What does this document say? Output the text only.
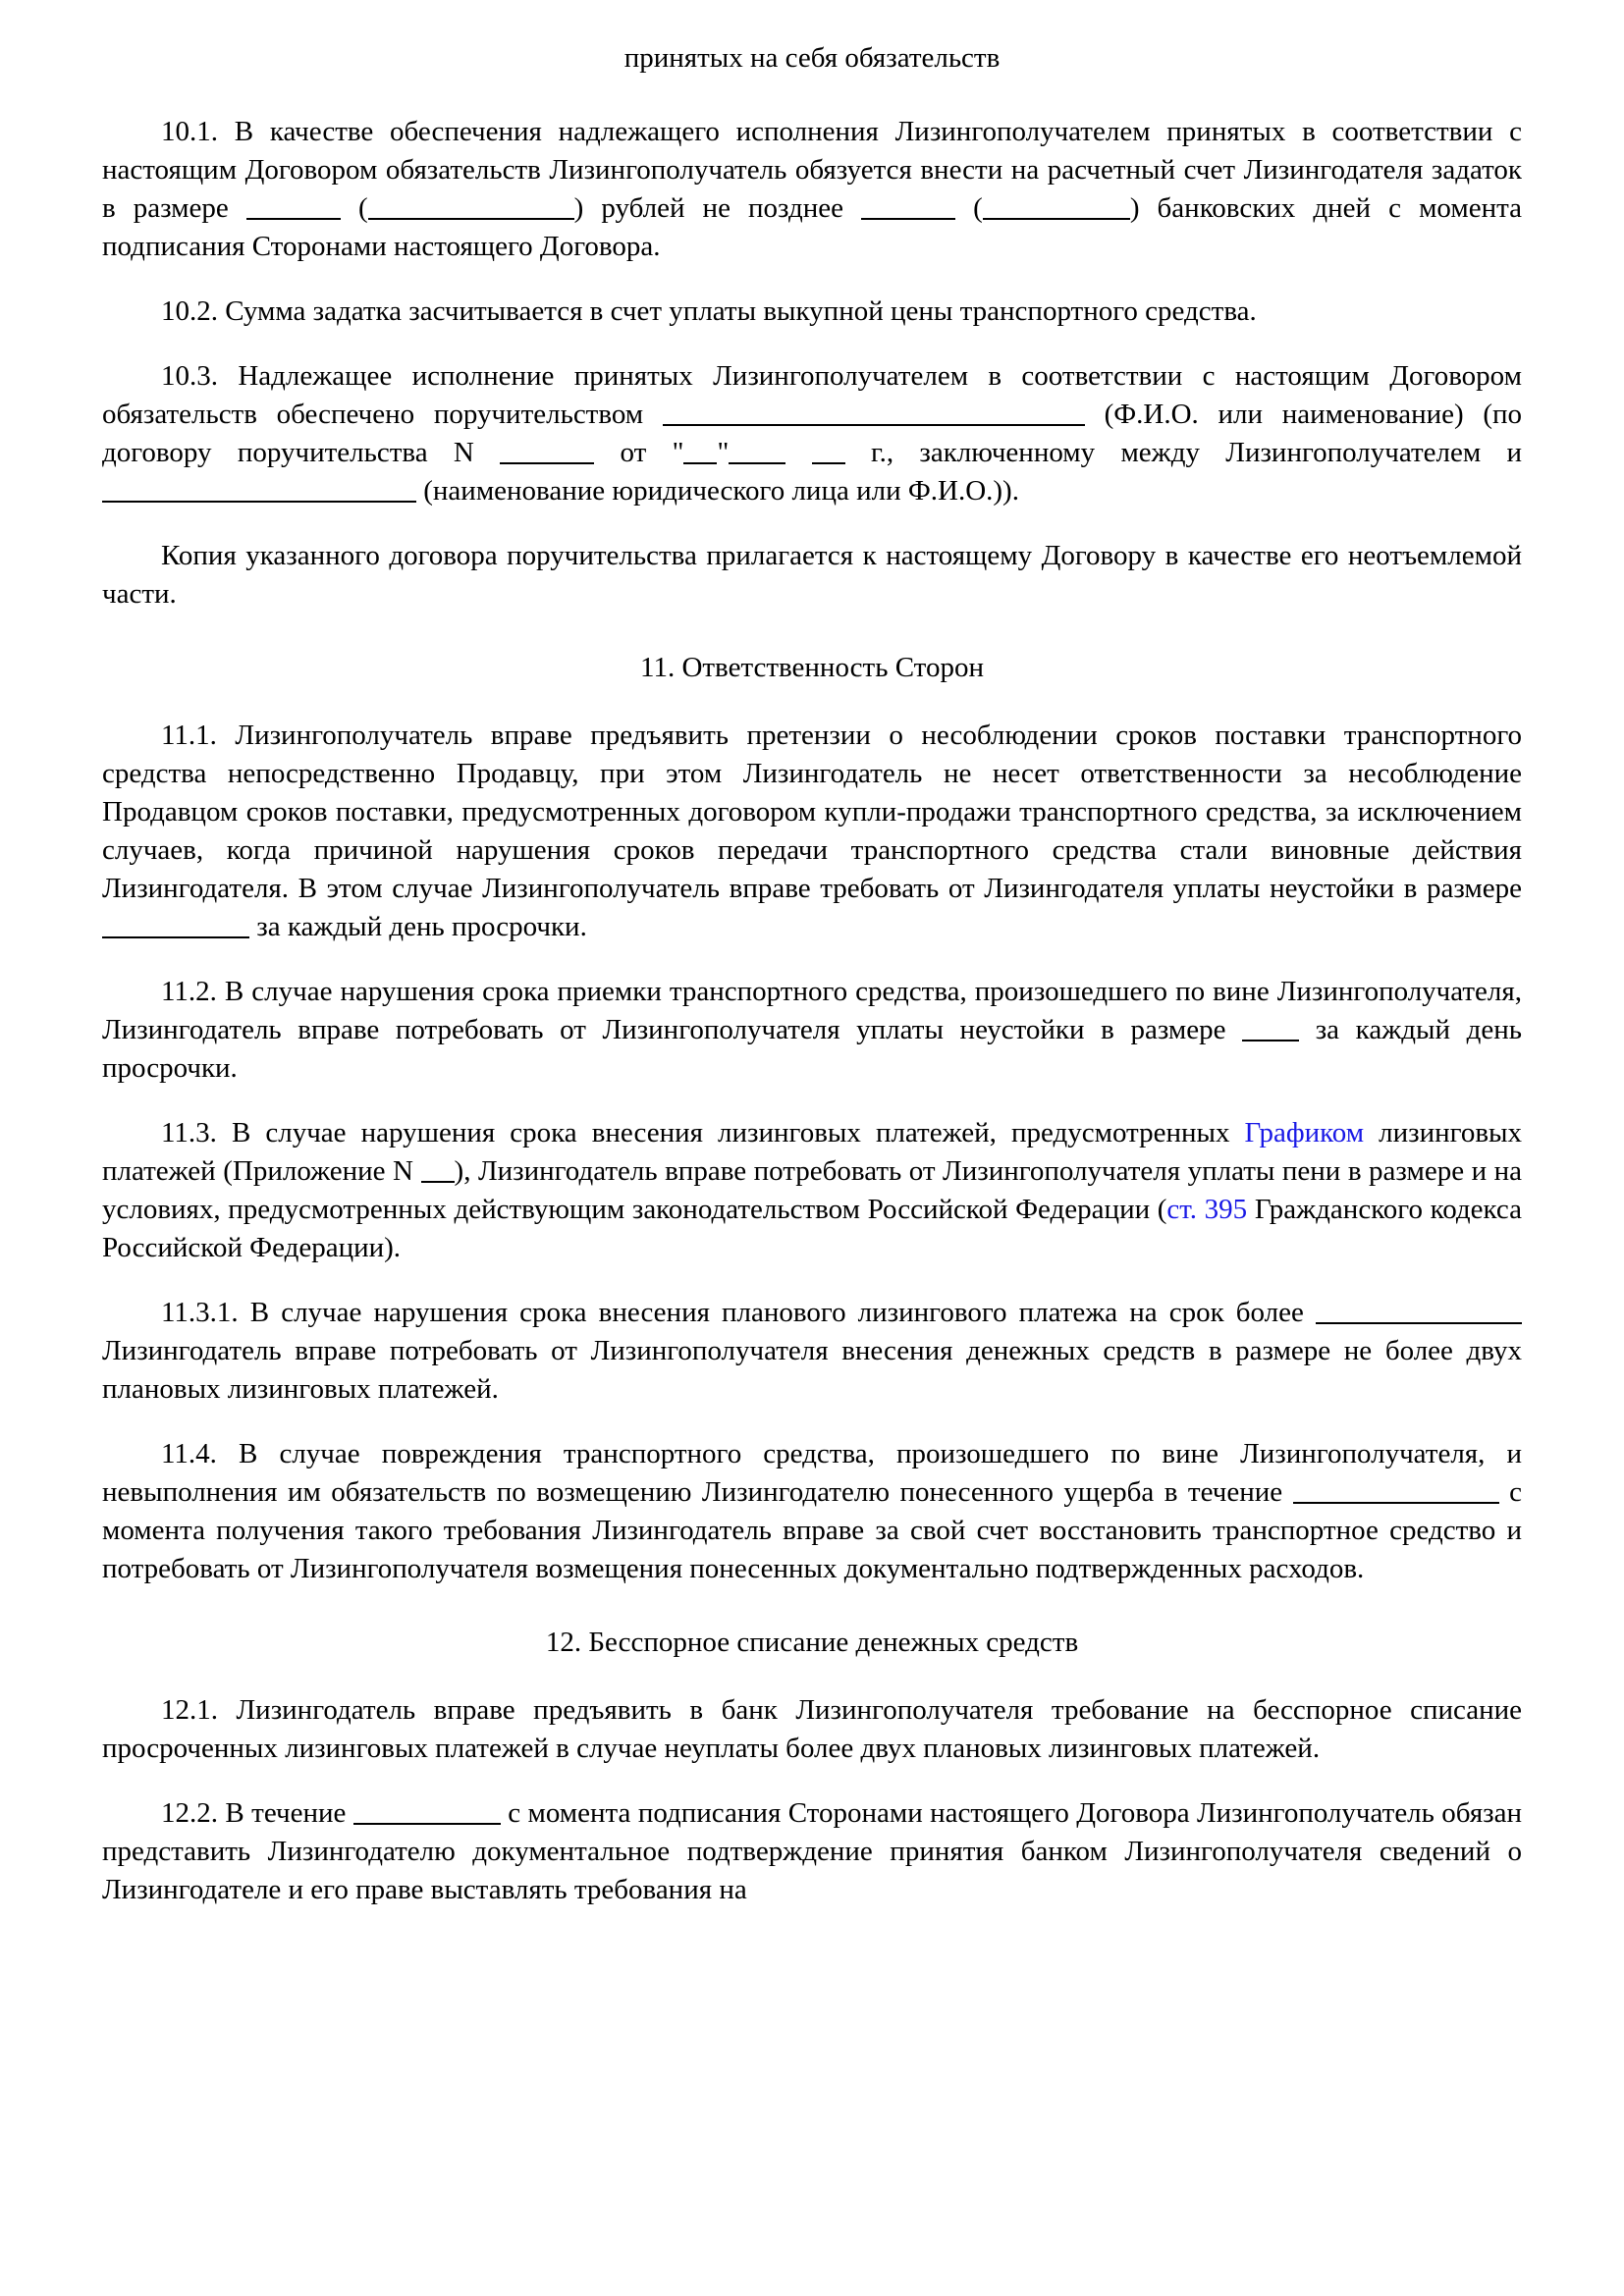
принятых на себя обязательств

10.1. В качестве обеспечения надлежащего исполнения Лизингополучателем принятых в соответствии с настоящим Договором обязательств Лизингополучатель обязуется внести на расчетный счет Лизингодателя задаток в размере	(	) рублей не позднее	(	) банковских дней с момента подписания Сторонами настоящего Договора.

10.2. Сумма задатка засчитывается в счет уплаты выкупной цены транспортного средства.

10.3. Надлежащее исполнение принятых Лизингополучателем в соответствии с настоящим Договором обязательств обеспечено поручительством	(Ф.И.О. или наименование) (по договору поручительства N	от " "	г., заключенному между Лизингополучателем и  (наименование юридического лица или Ф.И.О.)).

Копия указанного договора поручительства прилагается к настоящему Договору в качестве его неотъемлемой части.

11. Ответственность Сторон

11.1. Лизингополучатель вправе предъявить претензии о несоблюдении сроков поставки транспортного средства непосредственно Продавцу, при этом Лизингодатель не несет ответственности за несоблюдение Продавцом сроков поставки, предусмотренных договором купли-продажи транспортного средства, за исключением случаев, когда причиной нарушения сроков передачи транспортного средства стали виновные действия Лизингодателя. В этом случае Лизингополучатель вправе требовать от Лизингодателя уплаты неустойки в размере  за каждый день просрочки.

11.2. В случае нарушения срока приемки транспортного средства, произошедшего по вине Лизингополучателя, Лизингодатель вправе потребовать от Лизингополучателя уплаты неустойки в размере	за каждый день просрочки.

11.3. В случае нарушения срока внесения лизинговых платежей, предусмотренных Графиком лизинговых платежей (Приложение N ), Лизингодатель вправе потребовать от Лизингополучателя уплаты пени в размере и на условиях, предусмотренных действующим законодательством Российской Федерации (ст. 395 Гражданского кодекса Российской Федерации).

11.3.1. В случае нарушения срока внесения планового лизингового платежа на срок более  Лизингодатель вправе потребовать от Лизингополучателя внесения денежных средств в размере не более двух плановых лизинговых платежей.

11.4. В случае повреждения транспортного средства, произошедшего по вине Лизингополучателя, и невыполнения им обязательств по возмещению Лизингодателю понесенного ущерба в течение	с момента получения такого требования Лизингодатель вправе за свой счет восстановить транспортное средство и потребовать от Лизингополучателя возмещения понесенных документально подтвержденных расходов.

12. Бесспорное списание денежных средств

12.1. Лизингодатель вправе предъявить в банк Лизингополучателя требование на бесспорное списание просроченных лизинговых платежей в случае неуплаты более двух плановых лизинговых платежей.

12.2. В течение	с момента подписания Сторонами настоящего Договора Лизингополучатель обязан представить Лизингодателю документальное подтверждение принятия банком Лизингополучателя сведений о Лизингодателе и его праве выставлять требования на
